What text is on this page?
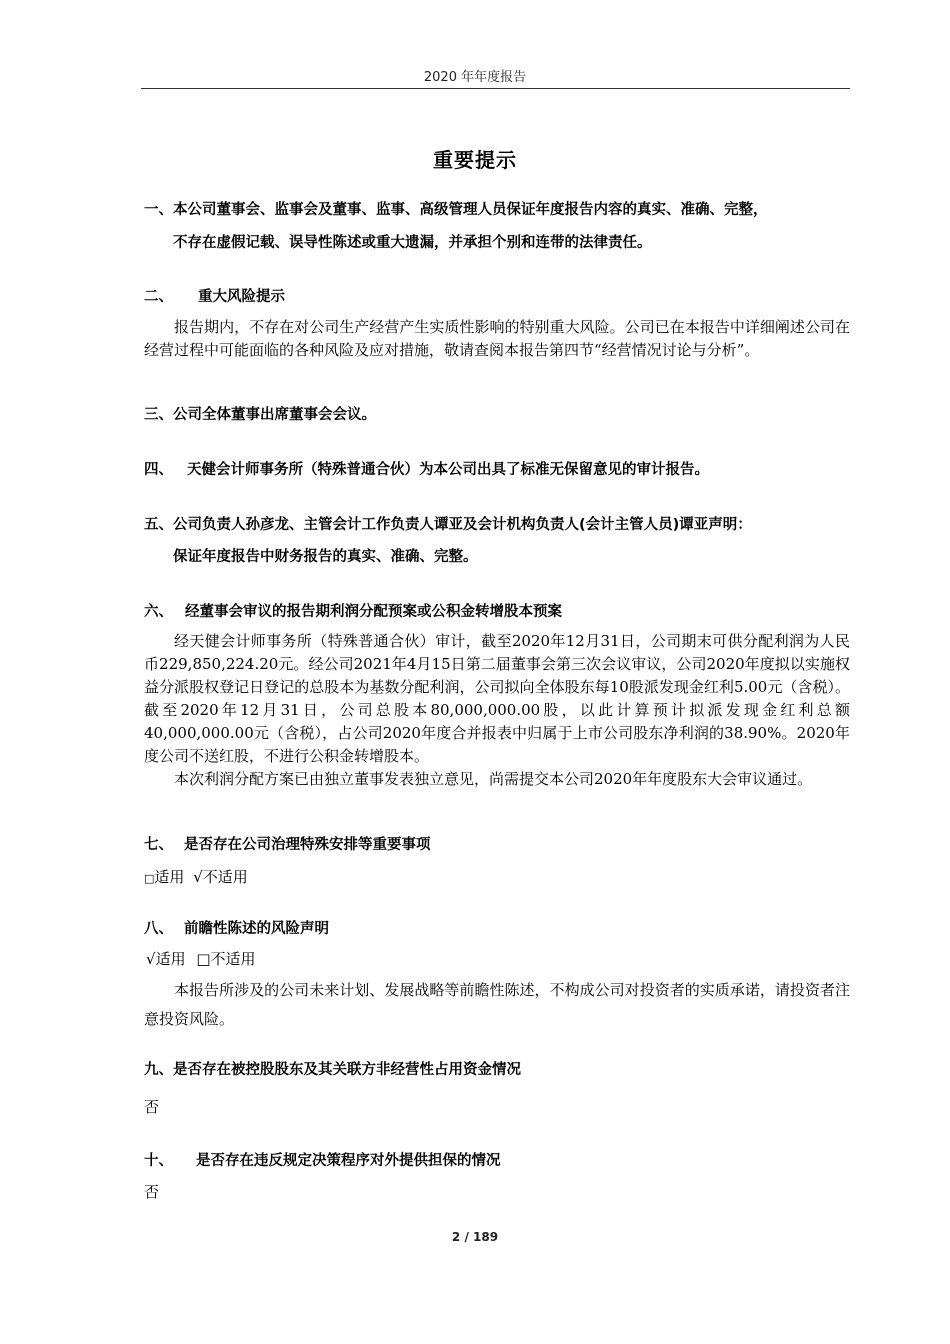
2020 年年度报告
重要提示
一、本公司董事会、监事会及董事、监事、高级管理人员保证年度报告内容的真实、准确、完整，
不存在虚假记载、误导性陈述或重大遗漏，并承担个别和连带的法律责任。
二、 重大风险提示

报告期内，不存在对公司生产经营产生实质性影响的特别重大风险。公司已在本报告中详细阐述公司在经营过程中可能面临的各种风险及应对措施，敬请查阅本报告第四节“经营情况讨论与分析”。

三、公司全体董事出席董事会会议。
四、 天健会计师事务所（特殊普通合伙）为本公司出具了标准无保留意见的审计报告。
五、公司负责人孙彦龙、主管会计工作负责人谭亚及会计机构负责人(会计主管人员)谭亚声明：
保证年度报告中财务报告的真实、准确、完整。
六、 经董事会审议的报告期利润分配预案或公积金转增股本预案

经天健会计师事务所（特殊普通合伙）审计，截至2020年12月31日，公司期末可供分配利润为人民币229,850,224.20元。经公司2021年4月15日第二届董事会第三次会议审议，公司2020年度拟以实施权益分派股权登记日登记的总股本为基数分配利润，公司拟向全体股东每10股派发现金红利5.00元（含税）。截至2020年12月31日，公司总股本80,000,000.00股，以此计算预计拟派发现金红利总额40,000,000.00元（含税），占公司2020年度合并报表中归属于上市公司股东净利润的38.90%。2020年度公司不送红股，不进行公积金转增股本。

本次利润分配方案已由独立董事发表独立意见，尚需提交本公司2020年年度股东大会审议通过。

七、 是否存在公司治理特殊安排等重要事项
□适用 √不适用
八、 前瞻性陈述的风险声明
√适用 □不适用

本报告所涉及的公司未来计划、发展战略等前瞻性陈述，不构成公司对投资者的实质承诺，请投资者注意投资风险。

九、是否存在被控股股东及其关联方非经营性占用资金情况
否
十、 是否存在违反规定决策程序对外提供担保的情况
否
2 / 189
